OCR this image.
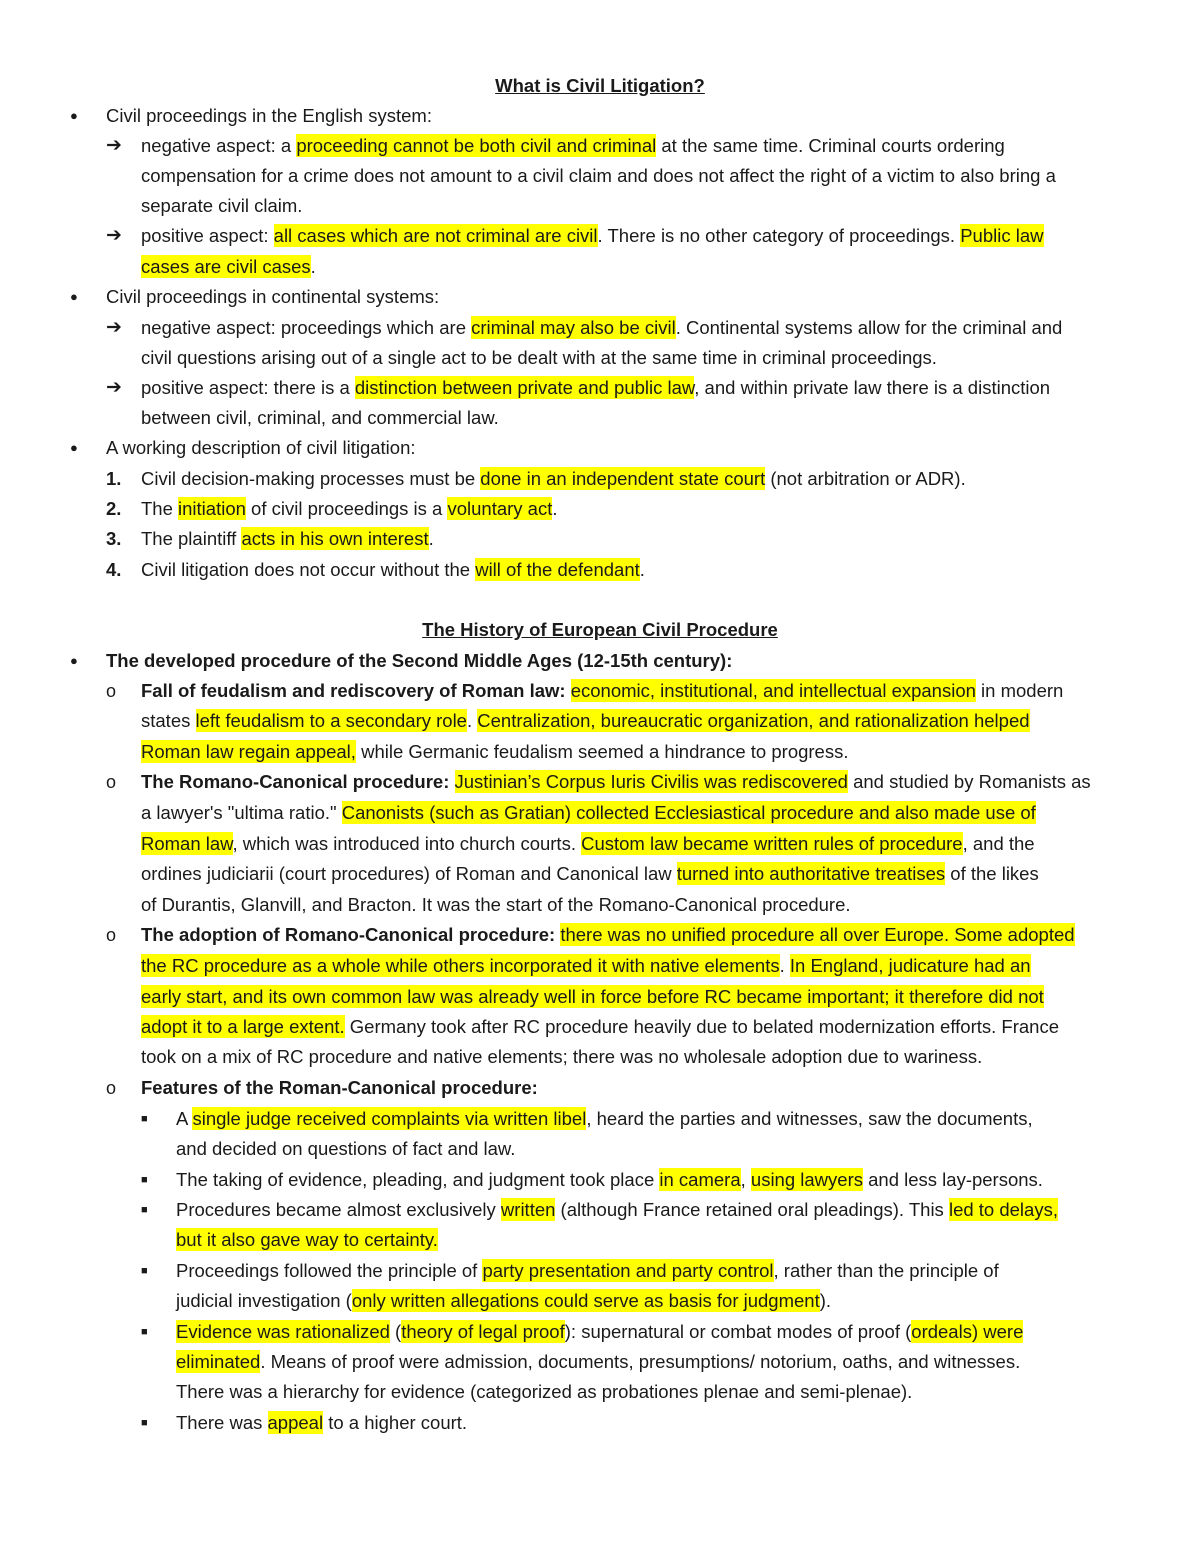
What is Civil Litigation?
● Civil proceedings in the English system:
➔ negative aspect: a proceeding cannot be both civil and criminal at the same time. Criminal courts ordering
compensation for a crime does not amount to a civil claim and does not affect the right of a victim to also bring a
separate civil claim.
➔ positive aspect: all cases which are not criminal are civil. There is no other category of proceedings. Public law
cases are civil cases.
● Civil proceedings in continental systems:
➔ negative aspect: proceedings which are criminal may also be civil. Continental systems allow for the criminal and
civil questions arising out of a single act to be dealt with at the same time in criminal proceedings.
➔ positive aspect: there is a distinction between private and public law, and within private law there is a distinction
between civil, criminal, and commercial law.
● A working description of civil litigation:
1. Civil decision-making processes must be done in an independent state court (not arbitration or ADR).
2. The initiation of civil proceedings is a voluntary act.
3. The plaintiff acts in his own interest.
4. Civil litigation does not occur without the will of the defendant.
The History of European Civil Procedure
● The developed procedure of the Second Middle Ages (12-15th century):
o Fall of feudalism and rediscovery of Roman law: economic, institutional, and intellectual expansion in modern
states left feudalism to a secondary role. Centralization, bureaucratic organization, and rationalization helped
Roman law regain appeal, while Germanic feudalism seemed a hindrance to progress.
o The Romano-Canonical procedure: Justinian’s Corpus Iuris Civilis was rediscovered and studied by Romanists as
a lawyer's "ultima ratio." Canonists (such as Gratian) collected Ecclesiastical procedure and also made use of
Roman law, which was introduced into church courts. Custom law became written rules of procedure, and the
ordines judiciarii (court procedures) of Roman and Canonical law turned into authoritative treatises of the likes
of Durantis, Glanvill, and Bracton. It was the start of the Romano-Canonical procedure.
o The adoption of Romano-Canonical procedure: there was no unified procedure all over Europe. Some adopted
the RC procedure as a whole while others incorporated it with native elements. In England, judicature had an
early start, and its own common law was already well in force before RC became important; it therefore did not
adopt it to a large extent. Germany took after RC procedure heavily due to belated modernization efforts. France
took on a mix of RC procedure and native elements; there was no wholesale adoption due to wariness.
o Features of the Roman-Canonical procedure:
■ A single judge received complaints via written libel, heard the parties and witnesses, saw the documents,
and decided on questions of fact and law.
■ The taking of evidence, pleading, and judgment took place in camera, using lawyers and less lay-persons.
■ Procedures became almost exclusively written (although France retained oral pleadings). This led to delays,
but it also gave way to certainty.
■ Proceedings followed the principle of party presentation and party control, rather than the principle of
judicial investigation (only written allegations could serve as basis for judgment).
■ Evidence was rationalized (theory of legal proof): supernatural or combat modes of proof (ordeals) were
eliminated. Means of proof were admission, documents, presumptions/ notorium, oaths, and witnesses.
There was a hierarchy for evidence (categorized as probationes plenae and semi-plenae).
■ There was appeal to a higher court.
